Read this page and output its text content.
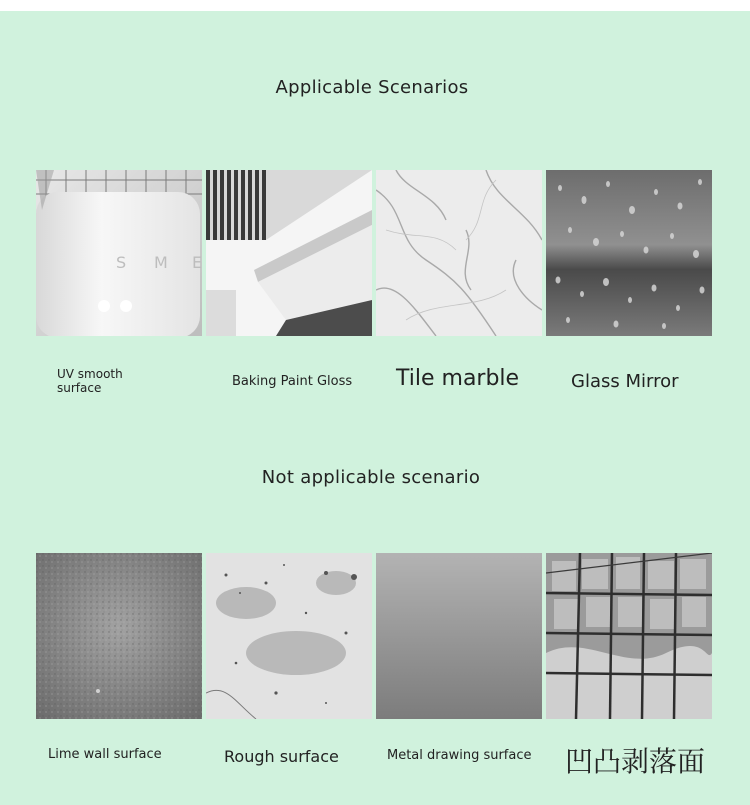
Applicable Scenarios
S M E
UV smooth
surface	Baking Paint Gloss Tile marble	Glass Mirror
Not applicable scenario
Lime wall surface	Rough surface	Metal drawing surface 凹凸剥落面
